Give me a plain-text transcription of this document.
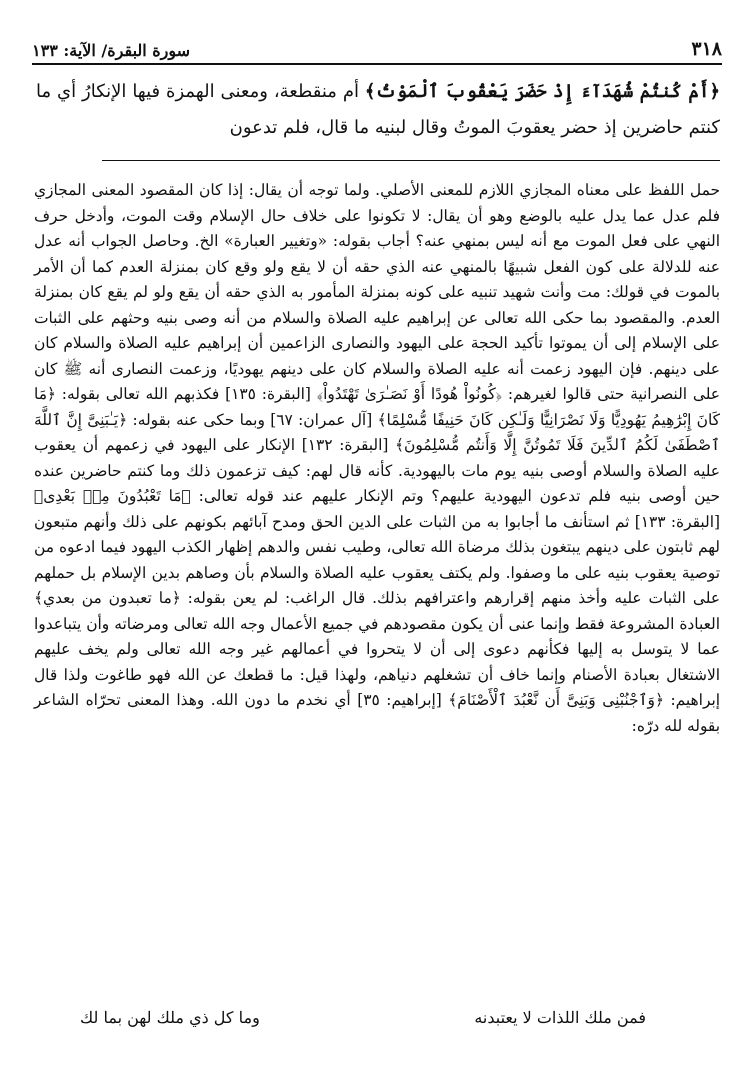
٣١٨
سورة البقرة/ الآية: ١٣٣

﴿أَمْ كُنتُمْ شُهَدَآءَ إِذْ حَضَرَ يَعْقُوبَ ٱلْمَوْتُ﴾ أم منقطعة، ومعنى الهمزة فيها الإنكارُ أي ما كنتم حاضرين إذ حضر يعقوبَ الموتُ وقال لبنيه ما قال، فلم تدعون

حمل اللفظ على معناه المجازي اللازم للمعنى الأصلي. ولما توجه أن يقال: إذا كان المقصود المعنى المجازي فلم عدل عما يدل عليه بالوضع وهو أن يقال: لا تكونوا على خلاف حال الإسلام وقت الموت، وأدخل حرف النهي على فعل الموت مع أنه ليس بمنهي عنه؟ أجاب بقوله: «وتغيير العبارة» الخ. وحاصل الجواب أنه عدل عنه للدلالة على كون الفعل شبيهًا بالمنهي عنه الذي حقه أن لا يقع ولو وقع كان بمنزلة العدم كما أن الأمر بالموت في قولك: مت وأنت شهيد تنبيه على كونه بمنزلة المأمور به الذي حقه أن يقع ولو لم يقع كان بمنزلة العدم. والمقصود بما حكى الله تعالى عن إبراهيم عليه الصلاة والسلام من أنه وصى بنيه وحثهم على الثبات على الإسلام إلى أن يموتوا تأكيد الحجة على اليهود والنصارى الزاعمين أن إبراهيم عليه الصلاة والسلام كان على دينهم. فإن اليهود زعمت أنه عليه الصلاة والسلام كان على دينهم يهوديًا، وزعمت النصارى أنه ﷺ كان على النصرانية حتى قالوا لغيرهم: ﴿كُونُواْ هُودًا أَوْ نَصَـٰرَىٰ تَهْتَدُواْ﴾ [البقرة: ١٣٥] فكذبهم الله تعالى بقوله: ﴿مَا كَانَ إِبْرَٰهِيمُ يَهُودِيًّا وَلَا نَصْرَانِيًّا وَلَـٰكِن كَانَ حَنِيفًا مُّسْلِمًا﴾ [آل عمران: ٦٧] وبما حكى عنه بقوله: ﴿يَـٰبَنِىَّ إِنَّ ٱللَّهَ ٱصْطَفَىٰ لَكُمُ ٱلدِّينَ فَلَا تَمُوتُنَّ إِلَّا وَأَنتُم مُّسْلِمُونَ﴾ [البقرة: ١٣٢] الإنكار على اليهود في زعمهم أن يعقوب عليه الصلاة والسلام أوصى بنيه يوم مات باليهودية. كأنه قال لهم: كيف تزعمون ذلك وما كنتم حاضرين عنده حين أوصى بنيه فلم تدعون اليهودية عليهم؟ وتم الإنكار عليهم عند قوله تعالى: ﴿مَا تَعْبُدُونَ مِنۢ بَعْدِى﴾ [البقرة: ١٣٣] ثم استأنف ما أجابوا به من الثبات على الدين الحق ومدح آبائهم بكونهم على ذلك وأنهم متبعون لهم ثابتون على دينهم يبتغون بذلك مرضاة الله تعالى، وطيب نفس والدهم إظهار الكذب اليهود فيما ادعوه من توصية يعقوب بنيه على ما وصفوا. ولم يكتف يعقوب عليه الصلاة والسلام بأن وصاهم بدين الإسلام بل حملهم على الثبات عليه وأخذ منهم إقرارهم واعترافهم بذلك. قال الراغب: لم يعن بقوله: ﴿ما تعبدون من بعدي﴾ العبادة المشروعة فقط وإنما عنى أن يكون مقصودهم في جميع الأعمال وجه الله تعالى ومرضاته وأن يتباعدوا عما لا يتوسل به إليها فكأنهم دعوى إلى أن لا يتحروا في أعمالهم غير وجه الله تعالى ولم يخف عليهم الاشتغال بعبادة الأصنام وإنما خاف أن تشغلهم دنياهم، ولهذا قيل: ما قطعك عن الله فهو طاغوت ولذا قال إبراهيم: ﴿وَٱجْنُبْنِى وَبَنِىَّ أَن نَّعْبُدَ ٱلْأَصْنَامَ﴾ [إبراهيم: ٣٥] أي نخدم ما دون الله. وهذا المعنى تحرّاه الشاعر بقوله لله درّه:

فمن ملك اللذات لا يعتبدنه
وما كل ذي ملك لهن بما لك
